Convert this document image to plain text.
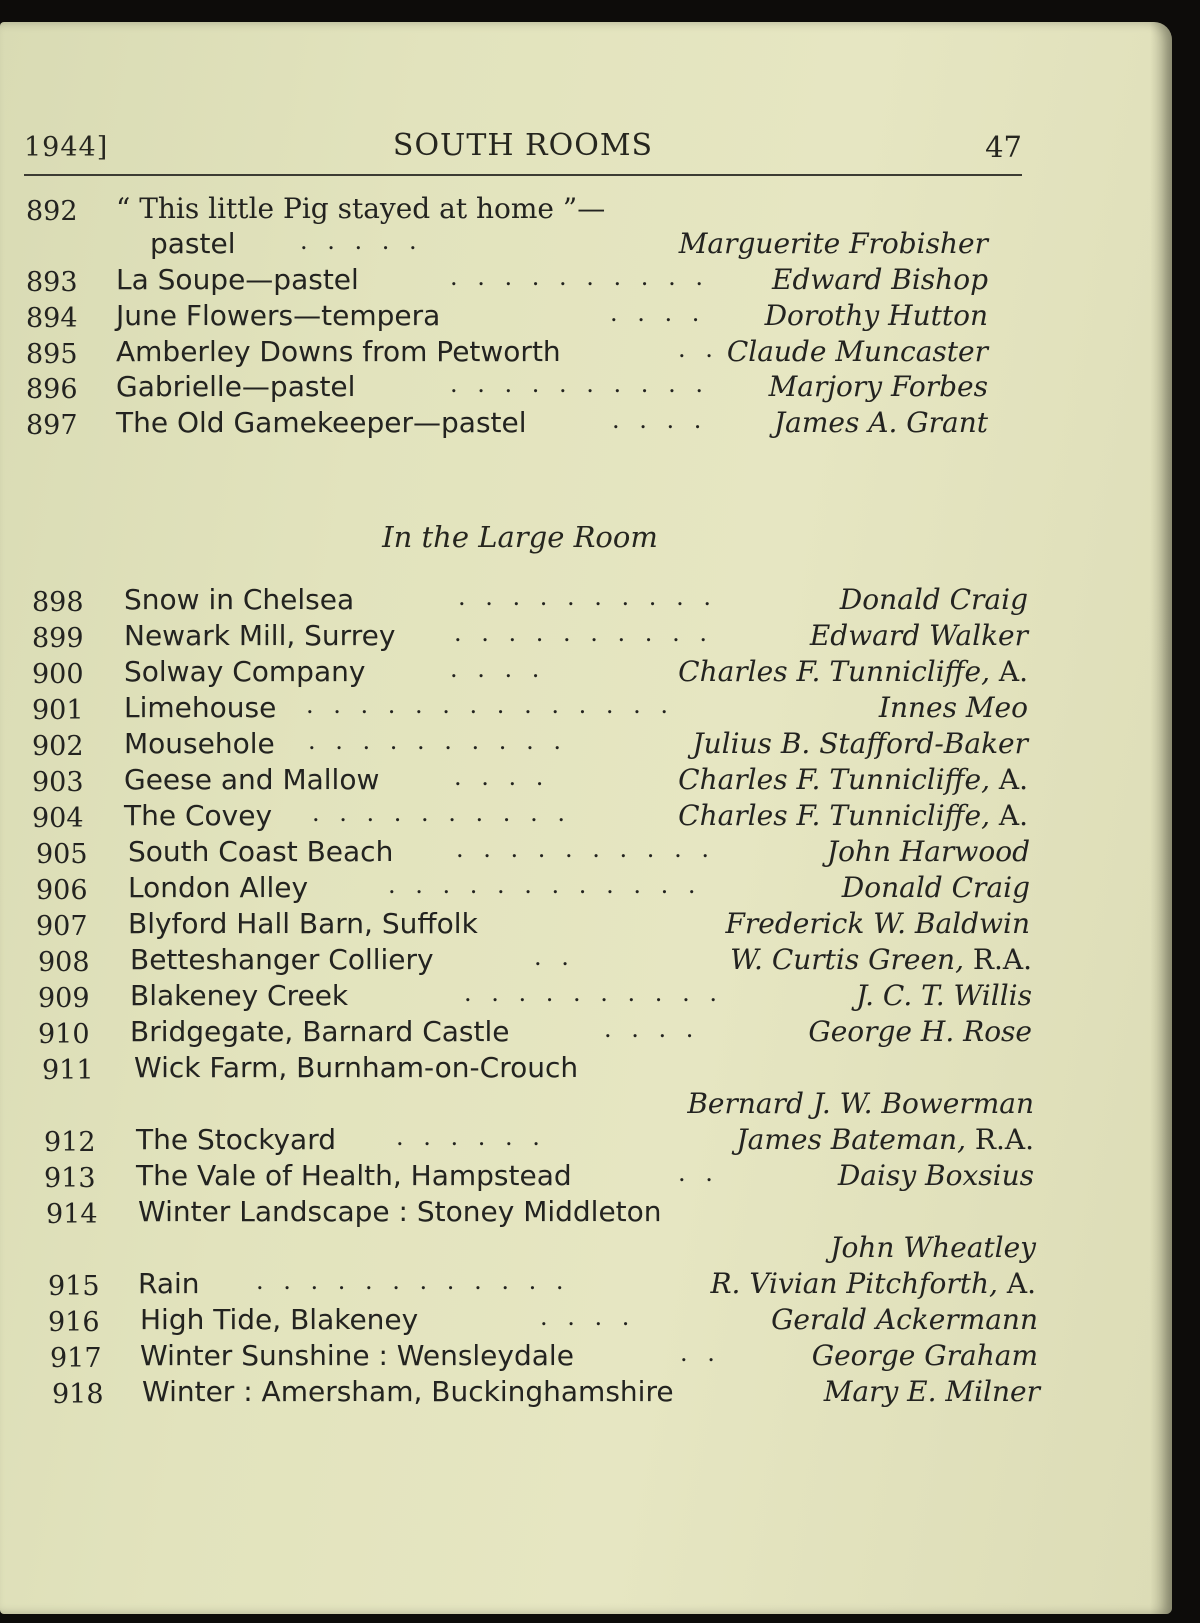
1944]	SOUTH ROOMS	47
892 “ This little Pig stayed at home ”—
pastel	. . . . .	Marguerite Frobisher
893 La Soupe—pastel	. . . . . . . . . . Edward Bishop
894 June Flowers—tempera	. . . . Dorothy Hutton
895 Amberley Downs from Petworth	. . Claude Muncaster
896 Gabrielle—pastel	. . . . . . . . . . Marjory Forbes
897 The Old Gamekeeper—pastel	. . . . James A. Grant
In the Large Room
898 Snow in Chelsea	. . . . . . . . . .	Donald Craig
899 Newark Mill, Surrey . . . . . . . . . .	Edward Walker
900 Solway Company	. . . .	Charles F. Tunnicliffe, A.
901 Limehouse . . . . . . . . . . . . . .	Innes Meo
902 Mousehole . . . . . . . . . .	Julius B. Stafford-Baker
903 Geese and Mallow	. . . .	Charles F. Tunnicliffe, A.
904 The Covey . . . . . . . . . .	Charles F. Tunnicliffe, A.
905 South Coast Beach	. . . . . . . . . .	John Harwood
906 London Alley	. . . . . . . . . . . .	Donald Craig
907 Blyford Hall Barn, Suffolk	Frederick W. Baldwin
908 Betteshanger Colliery	. .	W. Curtis Green, R.A.
909 Blakeney Creek	. . . . . . . . . .	J. C. T. Willis
910 Bridgegate, Barnard Castle	. . . .	George H. Rose
911 Wick Farm, Burnham-on-Crouch
Bernard J. W. Bowerman
912 The Stockyard	. . . . . .	James Bateman, R.A.
913 The Vale of Health, Hampstead	. .	Daisy Boxsius
914 Winter Landscape : Stoney Middleton
John Wheatley
915 Rain . . . . . . . . . . . .	R. Vivian Pitchforth, A.
916 High Tide, Blakeney	. . . .	Gerald Ackermann
917 Winter Sunshine : Wensleydale	. .	George Graham
918 Winter : Amersham, Buckinghamshire	Mary E. Milner
